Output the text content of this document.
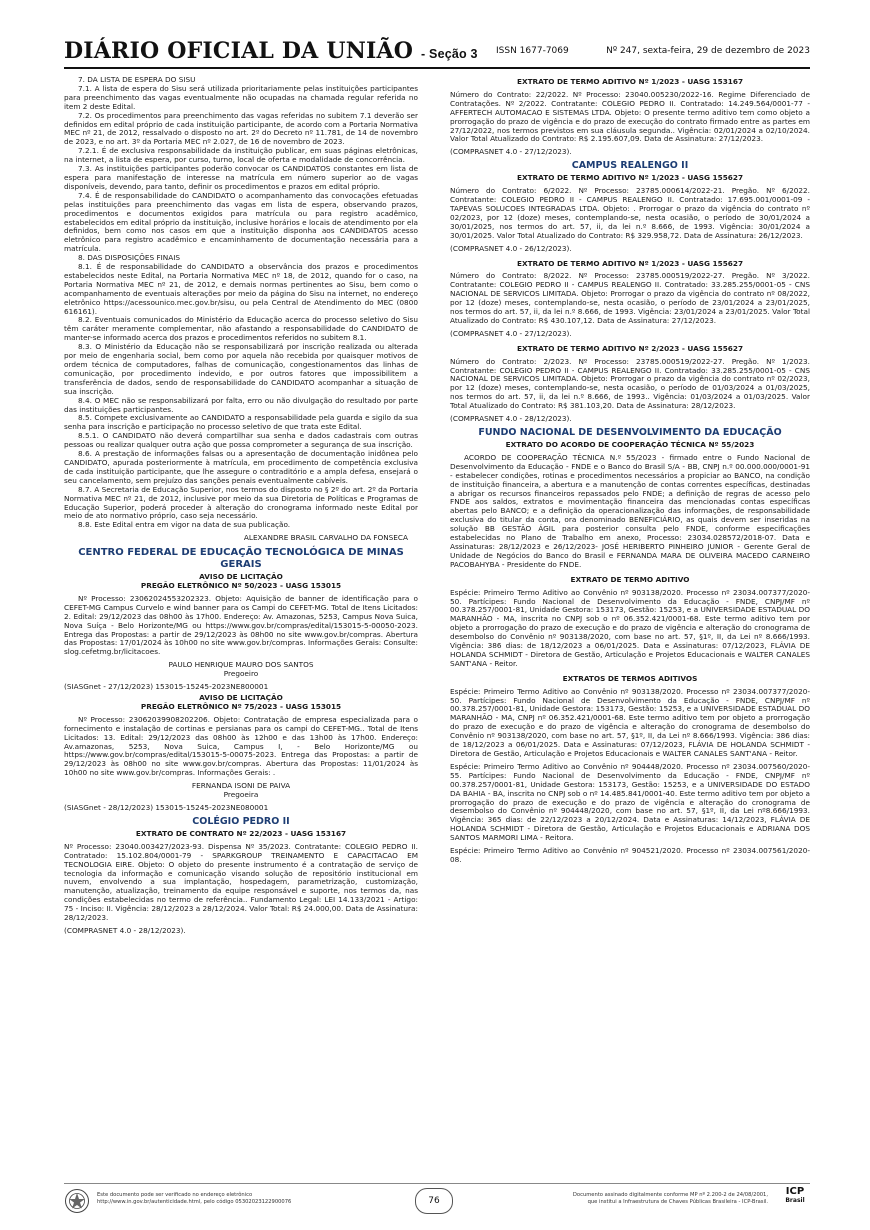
DIÁRIO OFICIAL DA UNIÃO - Seção 3 ISSN 1677-7069	Nº 247, sexta-feira, 29 de dezembro de 2023

7. DA LISTA DE ESPERA DO SISU

7.1. A lista de espera do Sisu será utilizada prioritariamente pelas instituições participantes para preenchimento das vagas eventualmente não ocupadas na chamada regular referida no item 2 deste Edital.

7.2. Os procedimentos para preenchimento das vagas referidas no subitem 7.1 deverão ser definidos em edital próprio de cada instituição participante, de acordo com a Portaria Normativa MEC nº 21, de 2012, ressalvado o disposto no art. 2º do Decreto nº 11.781, de 14 de novembro de 2023, e no art. 3º da Portaria MEC nº 2.027, de 16 de novembro de 2023.

7.2.1. É de exclusiva responsabilidade da instituição publicar, em suas páginas eletrônicas, na internet, a lista de espera, por curso, turno, local de oferta e modalidade de concorrência.

7.3. As instituições participantes poderão convocar os CANDIDATOS constantes em lista de espera para manifestação de interesse na matrícula em número superior ao de vagas disponíveis, devendo, para tanto, definir os procedimentos e prazos em edital próprio.

7.4. É de responsabilidade do CANDIDATO o acompanhamento das convocações efetuadas pelas instituições para preenchimento das vagas em lista de espera, observando prazos, procedimentos e documentos exigidos para matrícula ou para registro acadêmico, estabelecidos em edital próprio da instituição, inclusive horários e locais de atendimento por ela definidos, bem como nos casos em que a instituição disponha aos CANDIDATOS acesso eletrônico para registro acadêmico e encaminhamento de documentação necessária para a matrícula.

8. DAS DISPOSIÇÕES FINAIS

8.1. É de responsabilidade do CANDIDATO a observância dos prazos e procedimentos estabelecidos neste Edital, na Portaria Normativa MEC nº 18, de 2012, quando for o caso, na Portaria Normativa MEC nº 21, de 2012, e demais normas pertinentes ao Sisu, bem como o acompanhamento de eventuais alterações por meio da página do Sisu na internet, no endereço eletrônico https://acessounico.mec.gov.br/sisu, ou pela Central de Atendimento do MEC (0800 616161).

8.2. Eventuais comunicados do Ministério da Educação acerca do processo seletivo do Sisu têm caráter meramente complementar, não afastando a responsabilidade do CANDIDATO de manter-se informado acerca dos prazos e procedimentos referidos no subitem 8.1.

8.3. O Ministério da Educação não se responsabilizará por inscrição realizada ou alterada por meio de engenharia social, bem como por aquela não recebida por quaisquer motivos de ordem técnica de computadores, falhas de comunicação, congestionamentos das linhas de comunicação, por procedimento indevido, e por outros fatores que impossibilitem a transferência de dados, sendo de responsabilidade do CANDIDATO acompanhar a situação de sua inscrição.

8.4. O MEC não se responsabilizará por falta, erro ou não divulgação do resultado por parte das instituições participantes.

8.5. Compete exclusivamente ao CANDIDATO a responsabilidade pela guarda e sigilo da sua senha para inscrição e participação no processo seletivo de que trata este Edital.

8.5.1. O CANDIDATO não deverá compartilhar sua senha e dados cadastrais com outras pessoas ou realizar qualquer outra ação que possa comprometer a segurança de sua inscrição.

8.6. A prestação de informações falsas ou a apresentação de documentação inidônea pelo CANDIDATO, apurada posteriormente à matrícula, em procedimento de competência exclusiva de cada instituição participante, que lhe assegure o contraditório e a ampla defesa, ensejará o seu cancelamento, sem prejuízo das sanções penais eventualmente cabíveis.

8.7. A Secretaria de Educação Superior, nos termos do disposto no § 2º do art. 2º da Portaria Normativa MEC nº 21, de 2012, inclusive por meio da sua Diretoria de Políticas e Programas de Educação Superior, poderá proceder à alteração do cronograma informado neste Edital por meio de ato normativo próprio, caso seja necessário.

8.8. Este Edital entra em vigor na data de sua publicação.

ALEXANDRE BRASIL CARVALHO DA FONSECA

CENTRO FEDERAL DE EDUCAÇÃO TECNOLÓGICA DE MINAS GERAIS
AVISO DE LICITAÇÃO
PREGÃO ELETRÔNICO Nº 50/2023 - UASG 153015

Nº Processo: 23062024553202323. Objeto: Aquisição de banner de identificação para o CEFET-MG Campus Curvelo e wind banner para os Campi do CEFET-MG. Total de Itens Licitados: 2. Edital: 29/12/2023 das 08h00 às 17h00. Endereço: Av. Amazonas, 5253, Campus Nova Suica, Nova Suíça - Belo Horizonte/MG ou https://www.gov.br/compras/edital/153015-5-00050-2023. Entrega das Propostas: a partir de 29/12/2023 às 08h00 no site www.gov.br/compras. Abertura das Propostas: 17/01/2024 às 10h00 no site www.gov.br/compras. Informações Gerais: Consulte: slog.cefetmg.br/licitacoes.

PAULO HENRIQUE MAURO DOS SANTOS

Pregoeiro

(SIASGnet - 27/12/2023) 153015-15245-2023NE800001

AVISO DE LICITAÇÃO
PREGÃO ELETRÔNICO Nº 75/2023 - UASG 153015

Nº Processo: 23062039908202206. Objeto: Contratação de empresa especializada para o fornecimento e instalação de cortinas e persianas para os campi do CEFET-MG.. Total de Itens Licitados: 13. Edital: 29/12/2023 das 08h00 às 12h00 e das 13h00 às 17h00. Endereço: Av.amazonas, 5253, Nova Suica, Campus I, - Belo Horizonte/MG ou https://www.gov.br/compras/edital/153015-5-00075-2023. Entrega das Propostas: a partir de 29/12/2023 às 08h00 no site www.gov.br/compras. Abertura das Propostas: 11/01/2024 às 10h00 no site www.gov.br/compras. Informações Gerais: .

FERNANDA ISONI DE PAIVA

Pregoeira

(SIASGnet - 28/12/2023) 153015-15245-2023NE080001

COLÉGIO PEDRO II
EXTRATO DE CONTRATO Nº 22/2023 - UASG 153167

Nº Processo: 23040.003427/2023-93. Dispensa Nº 35/2023. Contratante: COLEGIO PEDRO II. Contratado: 15.102.804/0001-79 - SPARKGROUP TREINAMENTO E CAPACITACAO EM TECNOLOGIA EIRE. Objeto: O objeto do presente instrumento é a contratação de serviço de tecnologia da informação e comunicação visando solução de repositório institucional em nuvem, envolvendo a sua implantação, hospedagem, parametrização, customização, manutenção, atualização, treinamento da equipe responsável e suporte, nos termos da, nas condições estabelecidas no termo de referência.. Fundamento Legal: LEI 14.133/2021 - Artigo: 75 - Inciso: II. Vigência: 28/12/2023 a 28/12/2024. Valor Total: R$ 24.000,00. Data de Assinatura: 28/12/2023.

(COMPRASNET 4.0 - 28/12/2023).

EXTRATO DE TERMO ADITIVO Nº 1/2023 - UASG 153167

Número do Contrato: 22/2022. Nº Processo: 23040.005230/2022-16. Regime Diferenciado de Contratações. Nº 2/2022. Contratante: COLEGIO PEDRO II. Contratado: 14.249.564/0001-77 - AFFERTECH AUTOMACAO E SISTEMAS LTDA. Objeto: O presente termo aditivo tem como objeto a prorrogação do prazo de vigência e do prazo de execução do contrato firmado entre as partes em 27/12/2022, nos termos previstos em sua cláusula segunda.. Vigência: 02/01/2024 a 02/10/2024. Valor Total Atualizado do Contrato: R$ 2.195.607,09. Data de Assinatura: 27/12/2023.

(COMPRASNET 4.0 - 27/12/2023).

CAMPUS REALENGO II
EXTRATO DE TERMO ADITIVO Nº 1/2023 - UASG 155627

Número do Contrato: 6/2022. Nº Processo: 23785.000614/2022-21. Pregão. Nº 6/2022. Contratante: COLEGIO PEDRO II - CAMPUS REALENGO II. Contratado: 17.695.001/0001-09 - TAPEVAS SOLUCOES INTEGRADAS LTDA. Objeto: . Prorrogar o prazo da vigência do contrato nº 02/2023, por 12 (doze) meses, contemplando-se, nesta ocasião, o período de 30/01/2024 a 30/01/2025, nos termos do art. 57, ii, da lei n.º 8.666, de 1993. Vigência: 30/01/2024 a 30/01/2025. Valor Total Atualizado do Contrato: R$ 329.958,72. Data de Assinatura: 26/12/2023.

(COMPRASNET 4.0 - 26/12/2023).

EXTRATO DE TERMO ADITIVO Nº 1/2023 - UASG 155627

Número do Contrato: 8/2022. Nº Processo: 23785.000519/2022-27. Pregão. Nº 3/2022. Contratante: COLEGIO PEDRO II - CAMPUS REALENGO II. Contratado: 33.285.255/0001-05 - CNS NACIONAL DE SERVICOS LIMITADA. Objeto: Prorrogar o prazo da vigência do contrato nº 08/2022, por 12 (doze) meses, contemplando-se, nesta ocasião, o período de 23/01/2024 a 23/01/2025, nos termos do art. 57, ii, da lei n.º 8.666, de 1993. Vigência: 23/01/2024 a 23/01/2025. Valor Total Atualizado do Contrato: R$ 430.107,12. Data de Assinatura: 27/12/2023.

(COMPRASNET 4.0 - 27/12/2023).

EXTRATO DE TERMO ADITIVO Nº 2/2023 - UASG 155627

Número do Contrato: 2/2023. Nº Processo: 23785.000519/2022-27. Pregão. Nº 1/2023. Contratante: COLEGIO PEDRO II - CAMPUS REALENGO II. Contratado: 33.285.255/0001-05 - CNS NACIONAL DE SERVICOS LIMITADA. Objeto: Prorrogar o prazo da vigência do contrato nº 02/2023, por 12 (doze) meses, contemplando-se, nesta ocasião, o período de 01/03/2024 a 01/03/2025, nos termos do art. 57, ii, da lei n.º 8.666, de 1993.. Vigência: 01/03/2024 a 01/03/2025. Valor Total Atualizado do Contrato: R$ 381.103,20. Data de Assinatura: 28/12/2023.

(COMPRASNET 4.0 - 28/12/2023).

FUNDO NACIONAL DE DESENVOLVIMENTO DA EDUCAÇÃO
EXTRATO DO ACORDO DE COOPERAÇÃO TÉCNICA Nº 55/2023

ACORDO DE COOPERAÇÃO TÉCNICA N.º 55/2023 - firmado entre o Fundo Nacional de Desenvolvimento da Educação - FNDE e o Banco do Brasil S/A - BB, CNPJ n.º 00.000.000/0001-91 - estabelecer condições, rotinas e procedimentos necessários a propiciar ao BANCO, na condição de instituição financeira, a abertura e a manutenção de contas correntes específicas, destinadas a abrigar os recursos financeiros repassados pelo FNDE; a definição de regras de acesso pelo FNDE aos saldos, extratos e movimentação financeira das mencionadas contas específicas abertas pelo BANCO; e a definição da operacionalização das informações, de responsabilidade exclusiva do titular da conta, ora denominado BENEFICIÁRIO, as quais devem ser inseridas na solução BB GESTÃO ÁGIL para posterior consulta pelo FNDE, conforme especificações estabelecidas no Plano de Trabalho em anexo, Processo: 23034.028572/2018-07. Data e Assinaturas: 28/12/2023 e 26/12/2023- JOSÉ HERIBERTO PINHEIRO JUNIOR - Gerente Geral de Unidade de Negócios do Banco do Brasil e FERNANDA MARA DE OLIVEIRA MACEDO CARNEIRO PACOBAHYBA - Presidente do FNDE.

EXTRATO DE TERMO ADITIVO

Espécie: Primeiro Termo Aditivo ao Convênio nº 903138/2020. Processo nº 23034.007377/2020-50. Partícipes: Fundo Nacional de Desenvolvimento da Educação - FNDE, CNPJ/MF nº 00.378.257/0001-81, Unidade Gestora: 153173, Gestão: 15253, e a UNIVERSIDADE ESTADUAL DO MARANHÃO - MA, inscrita no CNPJ sob o nº 06.352.421/0001-68. Este termo aditivo tem por objeto a prorrogação do prazo de execução e do prazo de vigência e alteração do cronograma de desembolso do Convênio nº 903138/2020, com base no art. 57, §1º, II, da Lei nº 8.666/1993. Vigência: 386 dias: de 18/12/2023 a 06/01/2025. Data e Assinaturas: 07/12/2023, FLÁVIA DE HOLANDA SCHMIDT - Diretora de Gestão, Articulação e Projetos Educacionais e WALTER CANALES SANT'ANA - Reitor.

EXTRATOS DE TERMOS ADITIVOS

Espécie: Primeiro Termo Aditivo ao Convênio nº 903138/2020. Processo nº 23034.007377/2020-50. Partícipes: Fundo Nacional de Desenvolvimento da Educação - FNDE, CNPJ/MF nº 00.378.257/0001-81, Unidade Gestora: 153173, Gestão: 15253, e a UNIVERSIDADE ESTADUAL DO MARANHÃO - MA, CNPJ nº 06.352.421/0001-68. Este termo aditivo tem por objeto a prorrogação do prazo de execução e do prazo de vigência e alteração do cronograma de desembolso do Convênio nº 903138/2020, com base no art. 57, §1º, II, da Lei nº 8.666/1993. Vigência: 386 dias: de 18/12/2023 a 06/01/2025. Data e Assinaturas: 07/12/2023, FLÁVIA DE HOLANDA SCHMIDT - Diretora de Gestão, Articulação e Projetos Educacionais e WALTER CANALES SANT'ANA - Reitor.

Espécie: Primeiro Termo Aditivo ao Convênio nº 904448/2020. Processo nº 23034.007560/2020-55. Partícipes: Fundo Nacional de Desenvolvimento da Educação - FNDE, CNPJ/MF nº 00.378.257/0001-81, Unidade Gestora: 153173, Gestão: 15253, e a UNIVERSIDADE DO ESTADO DA BAHIA - BA, inscrita no CNPJ sob o nº 14.485.841/0001-40. Este termo aditivo tem por objeto a prorrogação do prazo de execução e do prazo de vigência e alteração do cronograma de desembolso do Convênio nº 904448/2020, com base no art. 57, §1º, II, da Lei nº8.666/1993. Vigência: 365 dias: de 22/12/2023 a 20/12/2024. Data e Assinaturas: 14/12/2023, FLÁVIA DE HOLANDA SCHMIDT - Diretora de Gestão, Articulação e Projetos Educacionais e ADRIANA DOS SANTOS MARMORI LIMA - Reitora.

Espécie: Primeiro Termo Aditivo ao Convênio nº 904521/2020. Processo nº 23034.007561/2020-08.

Este documento pode ser verificado no endereço eletrônico
http://www.in.gov.br/autenticidade.html, pelo código 05302023122900076	76
Documento assinado digitalmente conforme MP nº 2.200-2 de 24/08/2001,
que institui a Infraestrutura de Chaves Públicas Brasileira - ICP-Brasil.
ICP
Brasil
